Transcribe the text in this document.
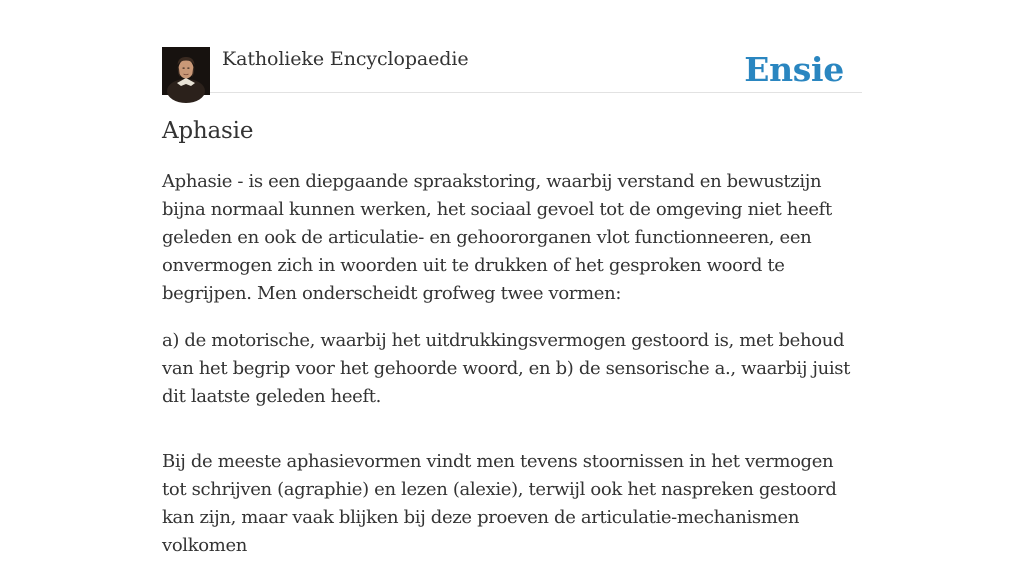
Katholieke Encyclopaedie	Ensie
Aphasie

Aphasie - is een diepgaande spraakstoring, waarbij verstand en bewustzijn bijna normaal kunnen werken, het sociaal gevoel tot de omgeving niet heeft geleden en ook de articulatie- en gehoororganen vlot functionneeren, een onvermogen zich in woorden uit te drukken of het gesproken woord te begrijpen. Men onderscheidt grofweg twee vormen:

a) de motorische, waarbij het uitdrukkingsvermogen gestoord is, met behoud van het begrip voor het gehoorde woord, en b) de sensorische a., waarbij juist dit laatste geleden heeft.

Bij de meeste aphasievormen vindt men tevens stoornissen in het vermogen tot schrijven (agraphie) en lezen (alexie), terwijl ook het naspreken gestoord kan zijn, maar vaak blijken bij deze proeven de articulatie-mechanismen volkomen
